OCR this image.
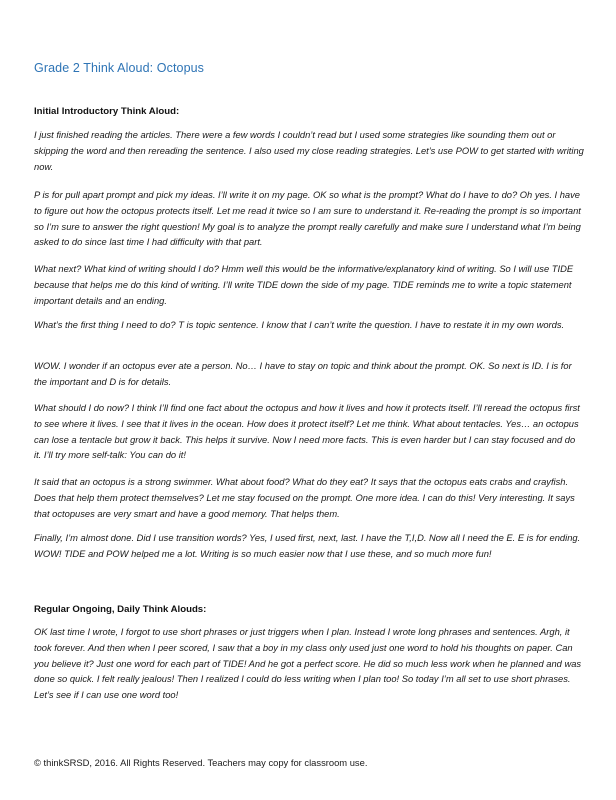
Grade 2 Think Aloud: Octopus
Initial Introductory Think Aloud:

I just finished reading the articles. There were a few words I couldn’t read but I used some strategies like sounding them out or skipping the word and then rereading the sentence. I also used my close reading strategies. Let’s use POW to get started with writing now.

P is for pull apart prompt and pick my ideas. I’ll write it on my page. OK so what is the prompt? What do I have to do? Oh yes. I have to figure out how the octopus protects itself. Let me read it twice so I am sure to understand it. Re-reading the prompt is so important so I’m sure to answer the right question! My goal is to analyze the prompt really carefully and make sure I understand what I’m being asked to do since last time I had difficulty with that part.

What next? What kind of writing should I do? Hmm well this would be the informative/explanatory kind of writing. So I will use TIDE because that helps me do this kind of writing. I’ll write TIDE down the side of my page. TIDE reminds me to write a topic statement important details and an ending.

What’s the first thing I need to do? T is topic sentence. I know that I can’t write the question. I have to restate it in my own words.

WOW. I wonder if an octopus ever ate a person. No… I have to stay on topic and think about the prompt. OK. So next is ID. I is for the important and D is for details.

What should I do now? I think I’ll find one fact about the octopus and how it lives and how it protects itself. I’ll reread the octopus first to see where it lives. I see that it lives in the ocean. How does it protect itself? Let me think. What about tentacles. Yes… an octopus can lose a tentacle but grow it back. This helps it survive. Now I need more facts. This is even harder but I can stay focused and do it. I’ll try more self-talk: You can do it!

It said that an octopus is a strong swimmer. What about food? What do they eat? It says that the octopus eats crabs and crayfish. Does that help them protect themselves? Let me stay focused on the prompt. One more idea. I can do this! Very interesting. It says that octopuses are very smart and have a good memory. That helps them.

Finally, I’m almost done. Did I use transition words? Yes, I used first, next, last. I have the T,I,D. Now all I need the E. E is for ending. WOW! TIDE and POW helped me a lot. Writing is so much easier now that I use these, and so much more fun!

Regular Ongoing, Daily Think Alouds:

OK last time I wrote, I forgot to use short phrases or just triggers when I plan. Instead I wrote long phrases and sentences. Argh, it took forever. And then when I peer scored, I saw that a boy in my class only used just one word to hold his thoughts on paper. Can you believe it? Just one word for each part of TIDE! And he got a perfect score. He did so much less work when he planned and was done so quick. I felt really jealous! Then I realized I could do less writing when I plan too! So today I’m all set to use short phrases. Let’s see if I can use one word too!

© thinkSRSD, 2016. All Rights Reserved. Teachers may copy for classroom use.
